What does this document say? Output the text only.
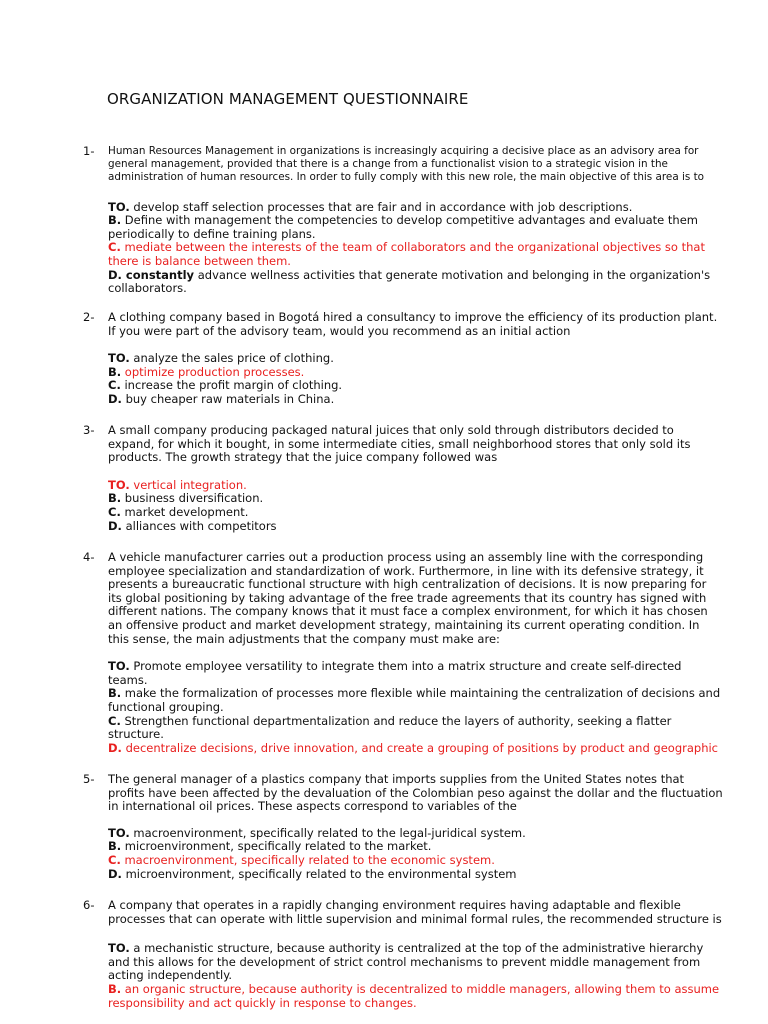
ORGANIZATION MANAGEMENT QUESTIONNAIRE
1- Human Resources Management in organizations is increasingly acquiring a decisive place as an advisory area for general management, provided that there is a change from a functionalist vision to a strategic vision in the administration of human resources. In order to fully comply with this new role, the main objective of this area is to
TO. develop staff selection processes that are fair and in accordance with job descriptions.
B. Define with management the competencies to develop competitive advantages and evaluate them periodically to define training plans.
C. mediate between the interests of the team of collaborators and the organizational objectives so that there is balance between them.
D. constantly advance wellness activities that generate motivation and belonging in the organization's collaborators.
2- A clothing company based in Bogotá hired a consultancy to improve the efficiency of its production plant. If you were part of the advisory team, would you recommend as an initial action
TO. analyze the sales price of clothing.
B. optimize production processes.
C. increase the profit margin of clothing.
D. buy cheaper raw materials in China.
3- A small company producing packaged natural juices that only sold through distributors decided to expand, for which it bought, in some intermediate cities, small neighborhood stores that only sold its products. The growth strategy that the juice company followed was
TO. vertical integration.
B. business diversification.
C. market development.
D. alliances with competitors
4- A vehicle manufacturer carries out a production process using an assembly line with the corresponding employee specialization and standardization of work. Furthermore, in line with its defensive strategy, it presents a bureaucratic functional structure with high centralization of decisions. It is now preparing for its global positioning by taking advantage of the free trade agreements that its country has signed with different nations. The company knows that it must face a complex environment, for which it has chosen an offensive product and market development strategy, maintaining its current operating condition. In this sense, the main adjustments that the company must make are:
TO. Promote employee versatility to integrate them into a matrix structure and create self-directed teams.
B. make the formalization of processes more flexible while maintaining the centralization of decisions and functional grouping.
C. Strengthen functional departmentalization and reduce the layers of authority, seeking a flatter structure.
D. decentralize decisions, drive innovation, and create a grouping of positions by product and geographic
5- The general manager of a plastics company that imports supplies from the United States notes that profits have been affected by the devaluation of the Colombian peso against the dollar and the fluctuation in international oil prices. These aspects correspond to variables of the
TO. macroenvironment, specifically related to the legal-juridical system.
B. microenvironment, specifically related to the market.
C. macroenvironment, specifically related to the economic system.
D. microenvironment, specifically related to the environmental system
6- A company that operates in a rapidly changing environment requires having adaptable and flexible processes that can operate with little supervision and minimal formal rules, the recommended structure is
TO. a mechanistic structure, because authority is centralized at the top of the administrative hierarchy and this allows for the development of strict control mechanisms to prevent middle management from acting independently.
B. an organic structure, because authority is decentralized to middle managers, allowing them to assume responsibility and act quickly in response to changes.
